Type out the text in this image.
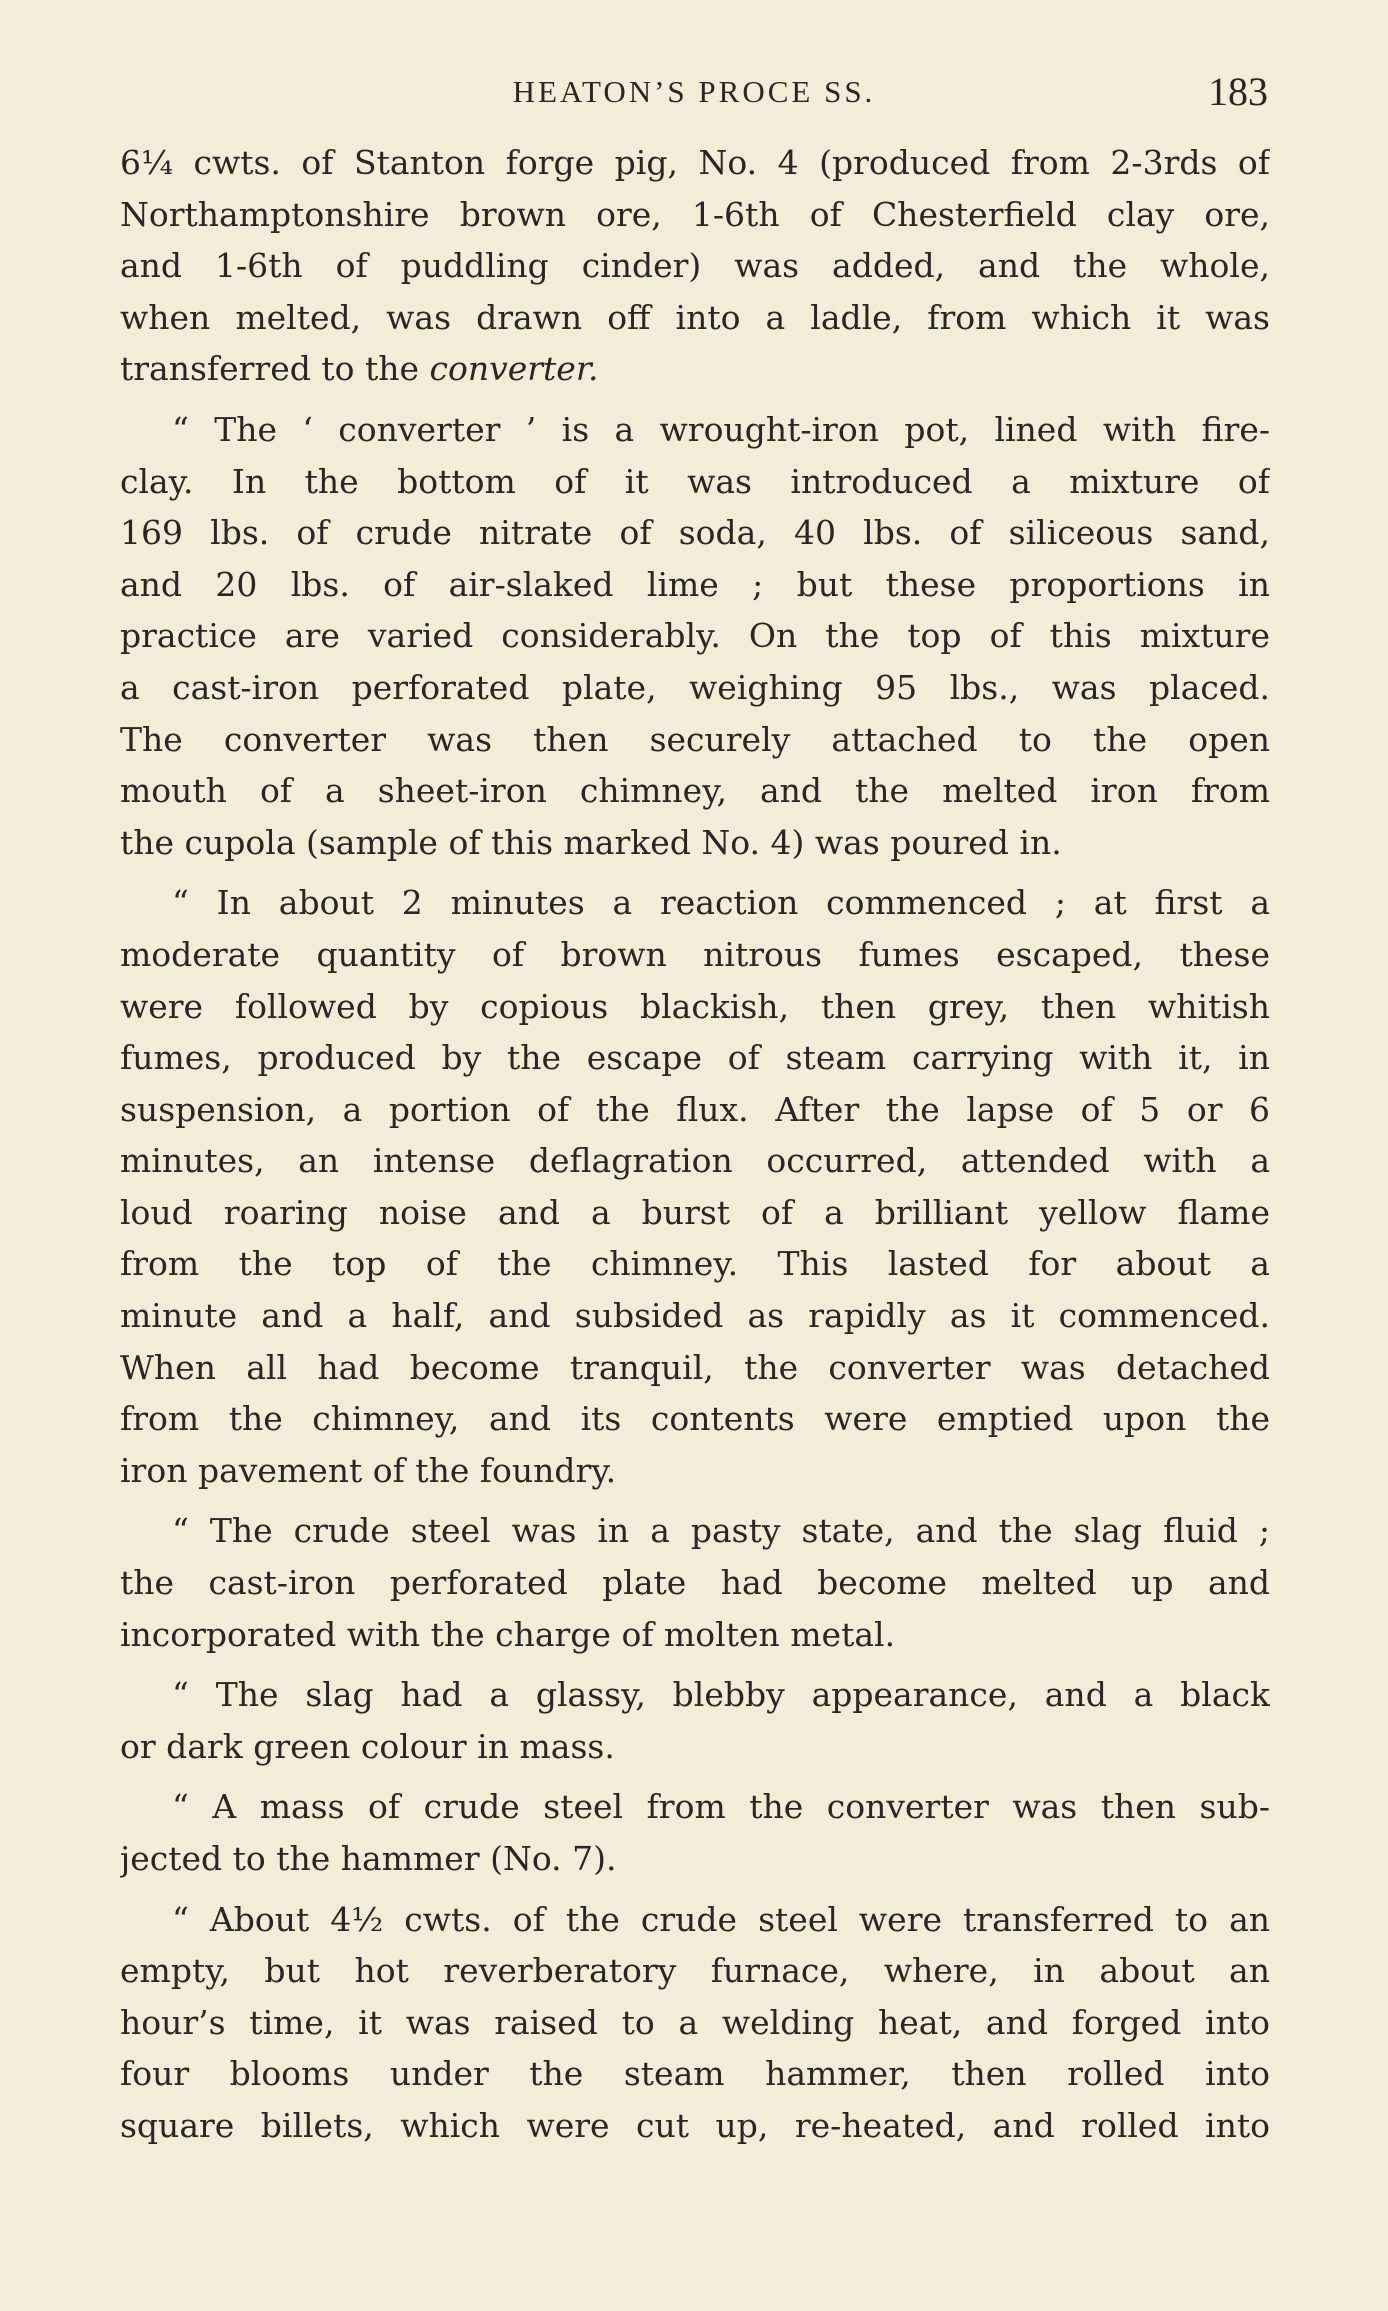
HEATON’S PROCE SS.	183
6¼ cwts. of Stanton forge pig, No. 4 (produced from 2-3rds of
Northamptonshire brown ore, 1-6th of Chesterfield clay ore,
and 1-6th of puddling cinder) was added, and the whole,
when melted, was drawn off into a ladle, from which it was
transferred to the converter.
“ The ‘ converter ’ is a wrought-iron pot, lined with fire-
clay. In the bottom of it was introduced a mixture of
169 lbs. of crude nitrate of soda, 40 lbs. of siliceous sand,
and 20 lbs. of air-slaked lime ; but these proportions in
practice are varied considerably. On the top of this mixture
a cast-iron perforated plate, weighing 95 lbs., was placed.
The converter was then securely attached to the open
mouth of a sheet-iron chimney, and the melted iron from
the cupola (sample of this marked No. 4) was poured in.
“ In about 2 minutes a reaction commenced ; at first a
moderate quantity of brown nitrous fumes escaped, these
were followed by copious blackish, then grey, then whitish
fumes, produced by the escape of steam carrying with it, in
suspension, a portion of the flux. After the lapse of 5 or 6
minutes, an intense deflagration occurred, attended with a
loud roaring noise and a burst of a brilliant yellow flame
from the top of the chimney. This lasted for about a
minute and a half, and subsided as rapidly as it commenced.
When all had become tranquil, the converter was detached
from the chimney, and its contents were emptied upon the
iron pavement of the foundry.
“ The crude steel was in a pasty state, and the slag fluid ;
the cast-iron perforated plate had become melted up and
incorporated with the charge of molten metal.
“ The slag had a glassy, blebby appearance, and a black
or dark green colour in mass.
“ A mass of crude steel from the converter was then sub-
jected to the hammer (No. 7).
“ About 4½ cwts. of the crude steel were transferred to an
empty, but hot reverberatory furnace, where, in about an
hour’s time, it was raised to a welding heat, and forged into
four blooms under the steam hammer, then rolled into
square billets, which were cut up, re-heated, and rolled into
